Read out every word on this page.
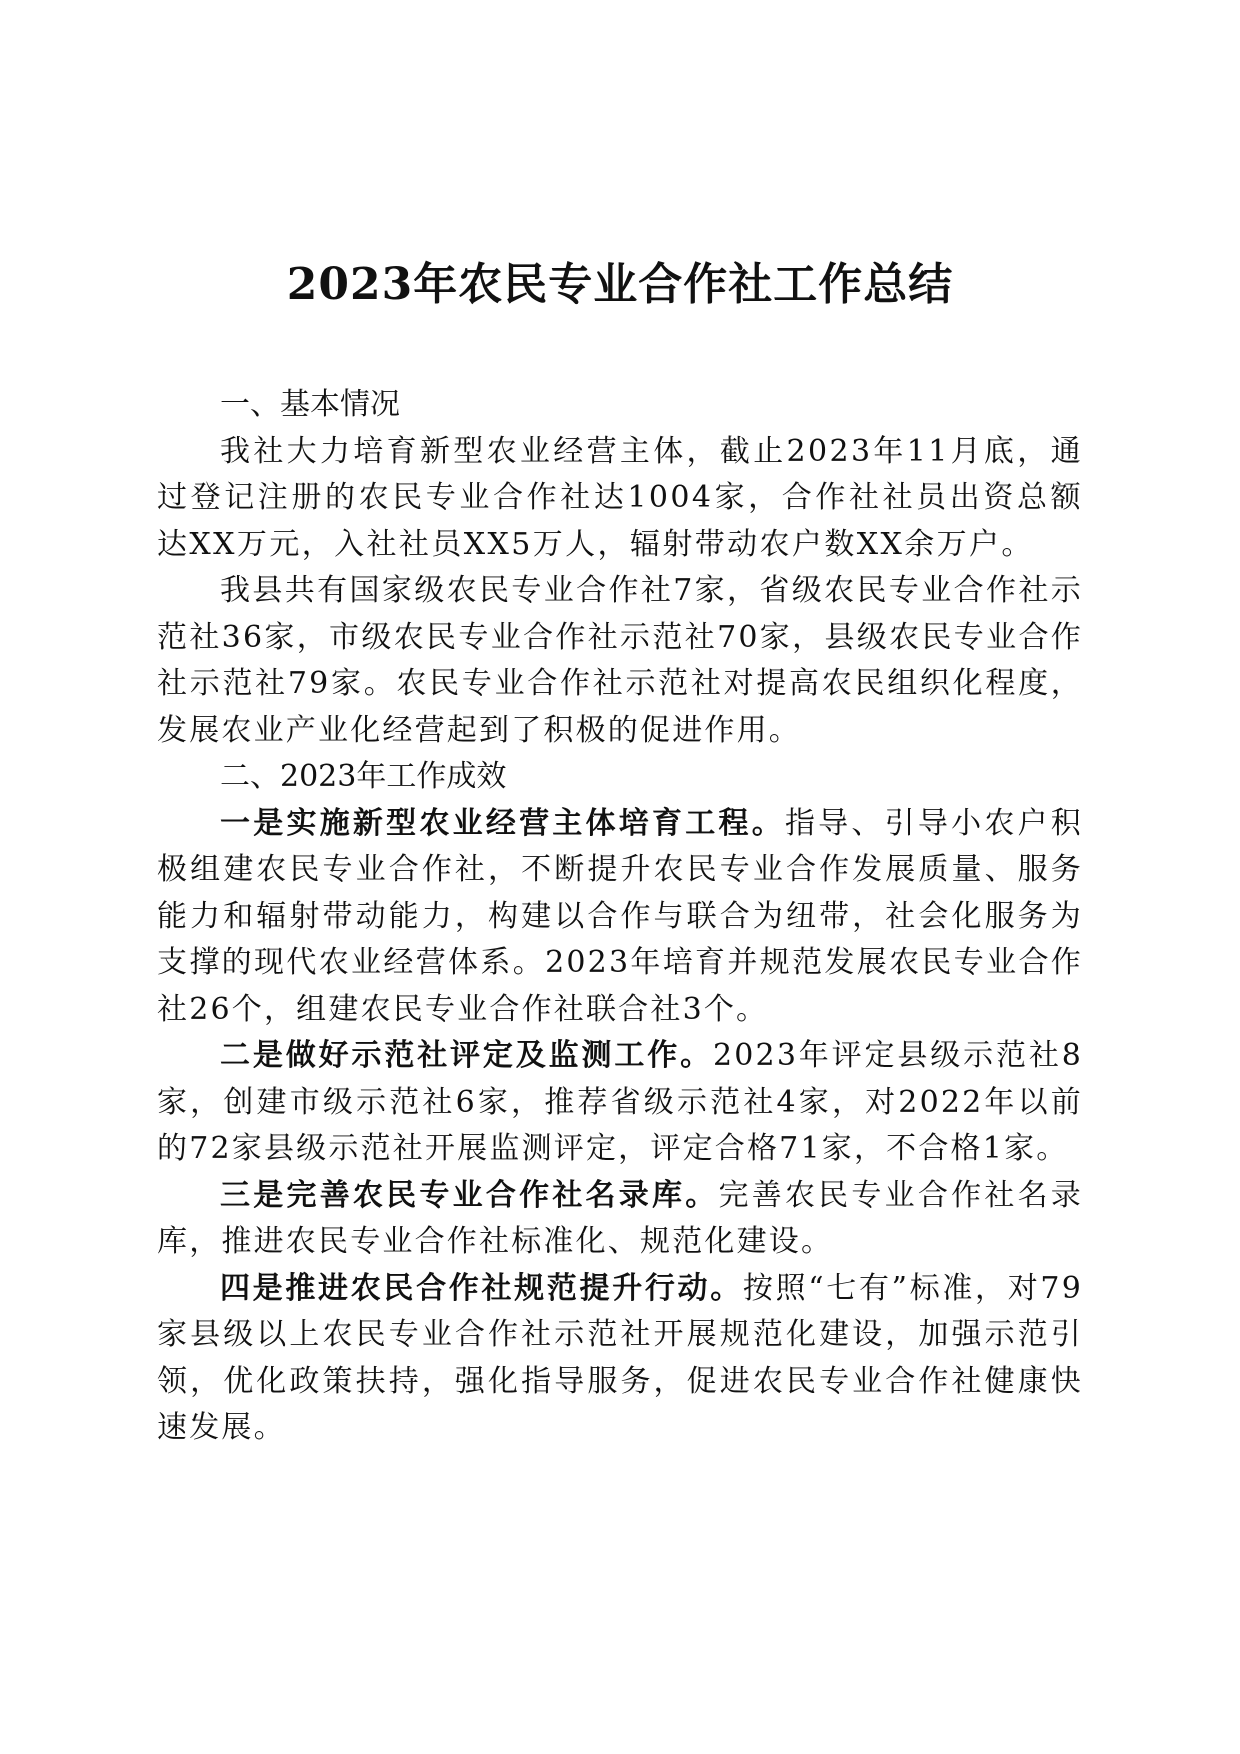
2023年农民专业合作社工作总结
一、基本情况

我社大力培育新型农业经营主体，截止2023年11月底，通过登记注册的农民专业合作社达1004家，合作社社员出资总额达XX万元，入社社员XX5万人，辐射带动农户数XX余万户。

我县共有国家级农民专业合作社7家，省级农民专业合作社示范社36家，市级农民专业合作社示范社70家，县级农民专业合作社示范社79家。农民专业合作社示范社对提高农民组织化程度，发展农业产业化经营起到了积极的促进作用。

二、2023年工作成效

一是实施新型农业经营主体培育工程。指导、引导小农户积极组建农民专业合作社，不断提升农民专业合作发展质量、服务能力和辐射带动能力，构建以合作与联合为纽带，社会化服务为支撑的现代农业经营体系。2023年培育并规范发展农民专业合作社26个，组建农民专业合作社联合社3个。

二是做好示范社评定及监测工作。2023年评定县级示范社8家，创建市级示范社6家，推荐省级示范社4家，对2022年以前的72家县级示范社开展监测评定，评定合格71家，不合格1家。

三是完善农民专业合作社名录库。完善农民专业合作社名录库，推进农民专业合作社标准化、规范化建设。

四是推进农民合作社规范提升行动。按照“七有”标准，对79家县级以上农民专业合作社示范社开展规范化建设，加强示范引领，优化政策扶持，强化指导服务，促进农民专业合作社健康快速发展。
